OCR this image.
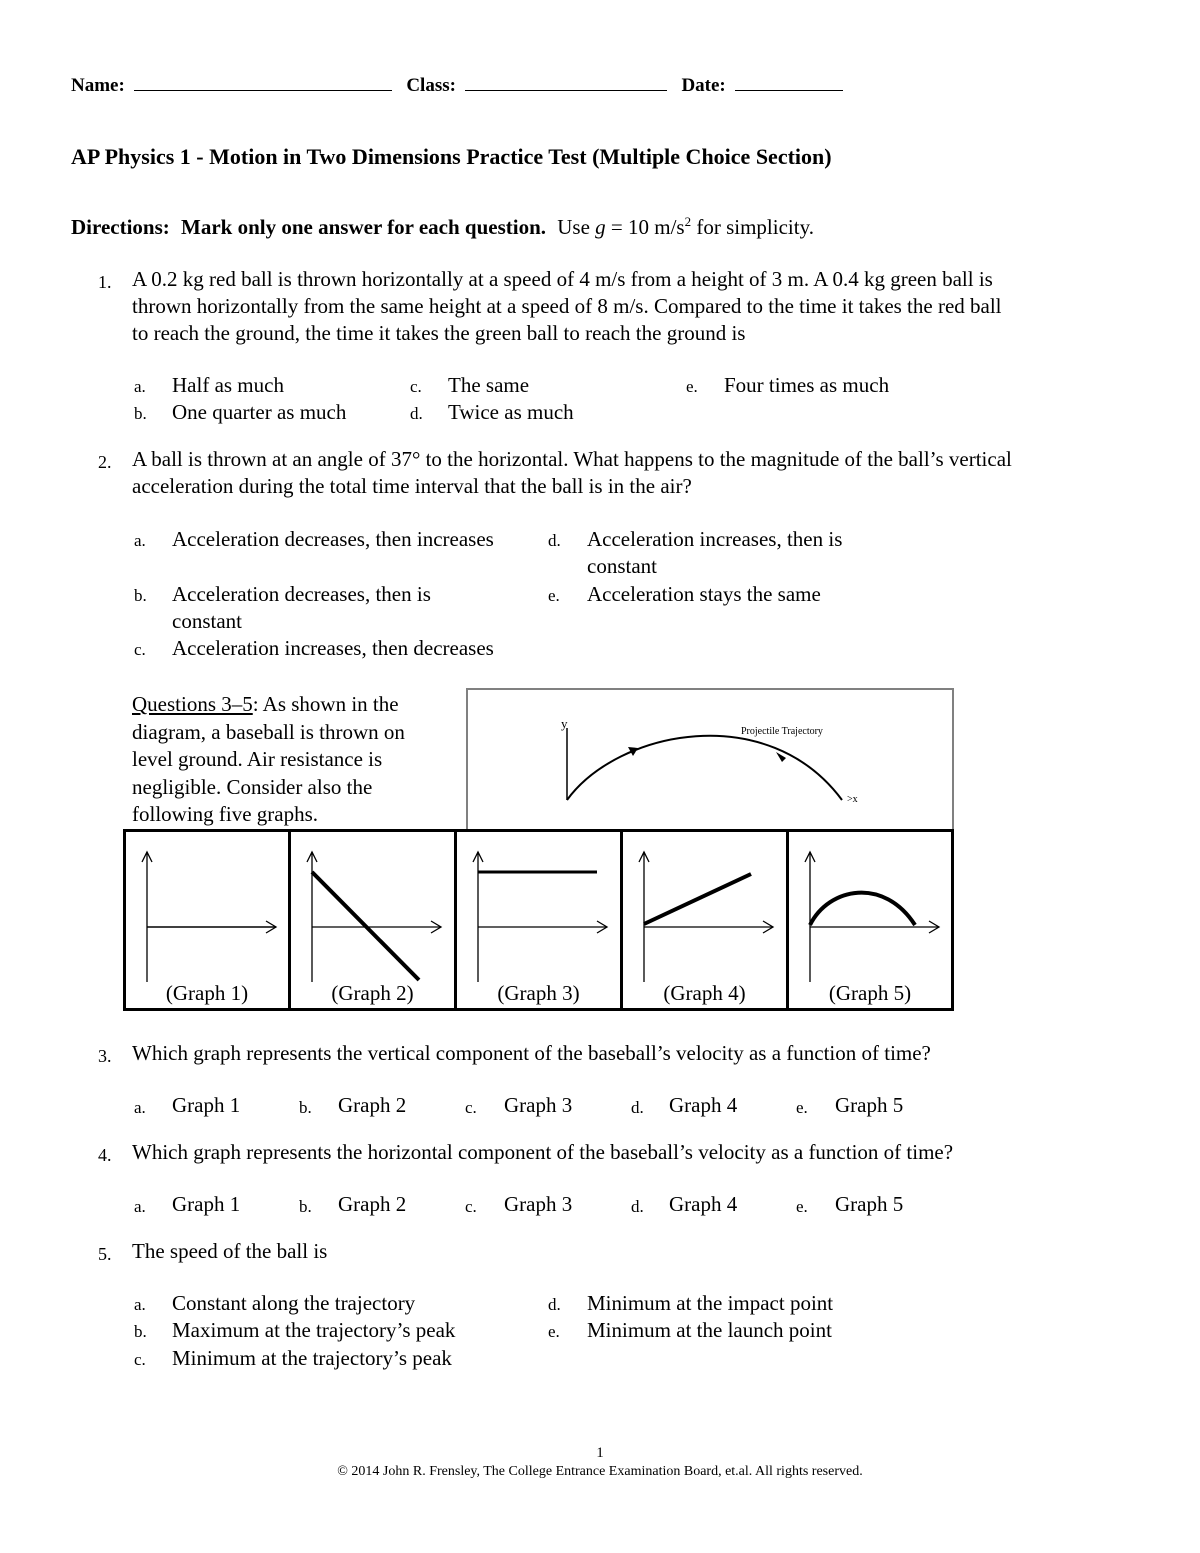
Name:	Class:	Date:
AP Physics 1 - Motion in Two Dimensions Practice Test (Multiple Choice Section)
Directions: Mark only one answer for each question. Use g = 10 $m/s^2$ for simplicity.
1. A 0.2 kg red ball is thrown horizontally at a speed of 4 m/s from a height of 3 m. A 0.4 kg green ball is
thrown horizontally from the same height at a speed of 8 m/s. Compared to the time it takes the red ball
to reach the ground, the time it takes the green ball to reach the ground is
a. Half as much
b. One quarter as much
c. The same
d. Twice as much
e. Four times as much
2. A ball is thrown at an angle of 37° to the horizontal. What happens to the magnitude of the ball’s vertical
acceleration during the total time interval that the ball is in the air?
a. Acceleration decreases, then increases
b. Acceleration decreases, then is
constant
c. Acceleration increases, then decreases
d. Acceleration increases, then is
constant
e. Acceleration stays the same
Questions 3–5: As shown in the
diagram, a baseball is thrown on
level ground. Air resistance is
negligible. Consider also the
following five graphs.
y
Projectile Trajectory
>x
(Graph 1)	(Graph 2)	(Graph 3)	(Graph 4)	(Graph 5)
3. Which graph represents the vertical component of the baseball’s velocity as a function of time?
a. Graph 1	b. Graph 2	c. Graph 3	d. Graph 4	e. Graph 5
4. Which graph represents the horizontal component of the baseball’s velocity as a function of time?
a. Graph 1	b. Graph 2	c. Graph 3	d. Graph 4	e. Graph 5
5. The speed of the ball is
a. Constant along the trajectory
b. Maximum at the trajectory’s peak
c. Minimum at the trajectory’s peak
d. Minimum at the impact point
e. Minimum at the launch point
1
© 2014 John R. Frensley, The College Entrance Examination Board, et.al. All rights reserved.
